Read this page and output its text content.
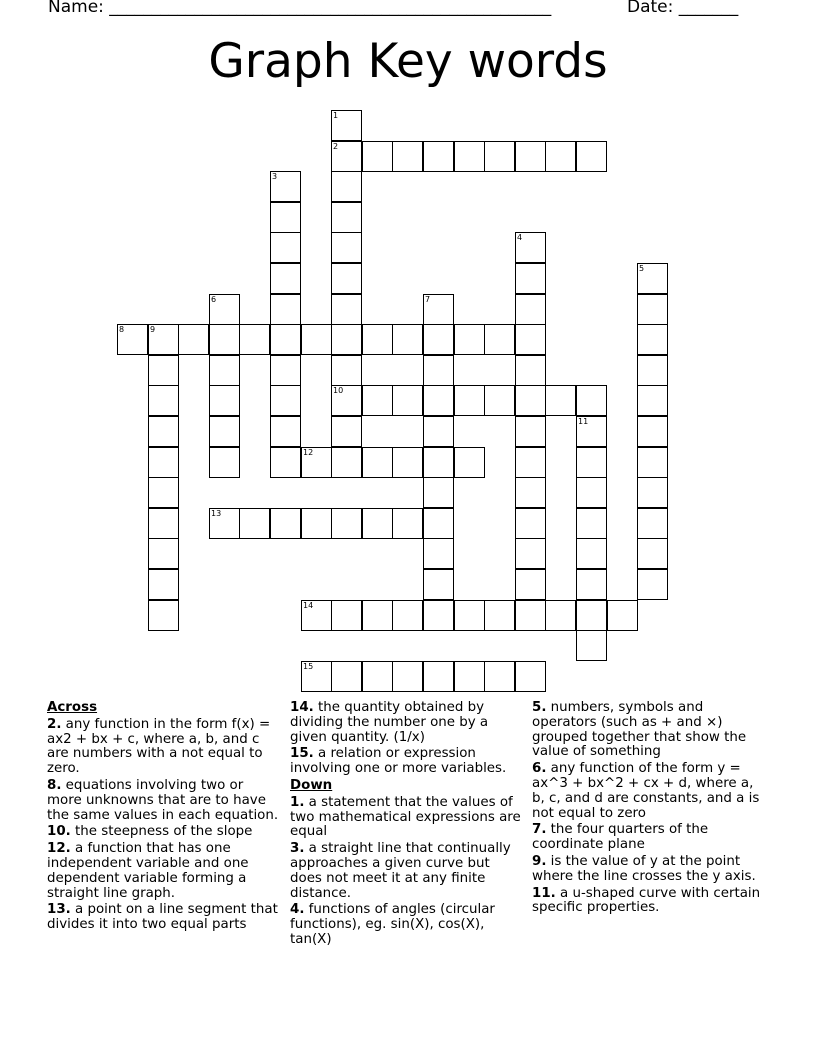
Name: ____________________________________________________	Date: _______
Graph Key words
1
2
10
3
4
5
6	7
8	9
11
12
13
14
15
Across
2. any function in the form f(x) = ax2 + bx + c, where a, b, and c are numbers with a not equal to zero.
8. equations involving two or more unknowns that are to have the same values in each equation.
10. the steepness of the slope
12. a function that has one independent variable and one dependent variable forming a straight line graph.
13. a point on a line segment that divides it into two equal parts
14. the quantity obtained by dividing the number one by a given quantity. (1/x)
15. a relation or expression involving one or more variables.
Down
1. a statement that the values of two mathematical expressions are equal
3. a straight line that continually approaches a given curve but does not meet it at any finite distance.
4. functions of angles (circular functions), eg. sin(X), cos(X), tan(X)
5. numbers, symbols and operators (such as + and ×) grouped together that show the value of something
6. any function of the form y = ax^3 + bx^2 + cx + d, where a, b, c, and d are constants, and a is not equal to zero
7. the four quarters of the coordinate plane
9. is the value of y at the point where the line crosses the y axis.
11. a u-shaped curve with certain specific properties.
